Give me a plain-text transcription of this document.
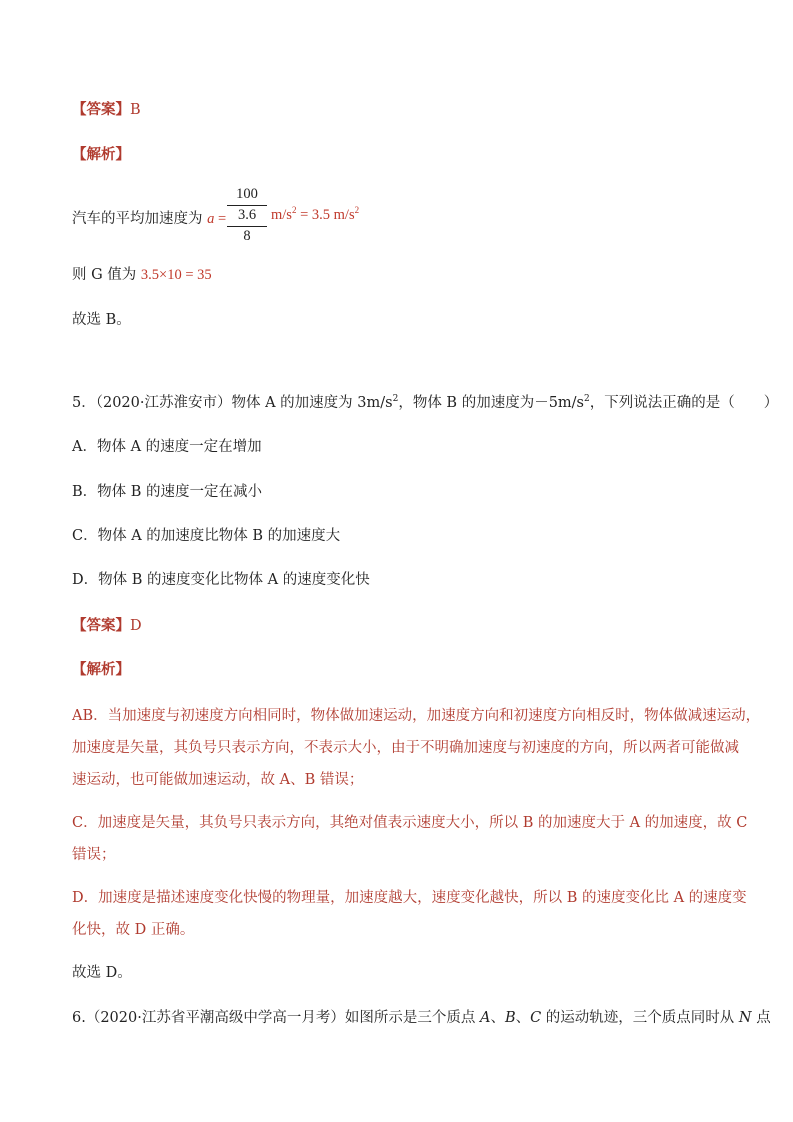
【答案】B
【解析】
汽车的平均加速度为 a =
100
3.6
8
$m/s^2 = 3.5$ $m/s^2$
则 G 值为 3.5×10 = 35
故选 B。
5．（2020·江苏淮安市）物体 A 的加速度为 $3m/s^2$，物体 B 的加速度为$-5m/s^2$，下列说法正确的是（　　）
A．物体 A 的速度一定在增加
B．物体 B 的速度一定在减小
C．物体 A 的加速度比物体 B 的加速度大
D．物体 B 的速度变化比物体 A 的速度变化快
【答案】D
【解析】
AB．当加速度与初速度方向相同时，物体做加速运动，加速度方向和初速度方向相反时，物体做减速运动，
加速度是矢量，其负号只表示方向，不表示大小，由于不明确加速度与初速度的方向，所以两者可能做减
速运动，也可能做加速运动，故 A、B 错误；
C．加速度是矢量，其负号只表示方向，其绝对值表示速度大小，所以 B 的加速度大于 A 的加速度，故 C
错误；
D．加速度是描述速度变化快慢的物理量，加速度越大，速度变化越快，所以 B 的速度变化比 A 的速度变
化快，故 D 正确。
故选 D。
6.（2020·江苏省平潮高级中学高一月考）如图所示是三个质点 A、B、C 的运动轨迹，三个质点同时从 N 点
